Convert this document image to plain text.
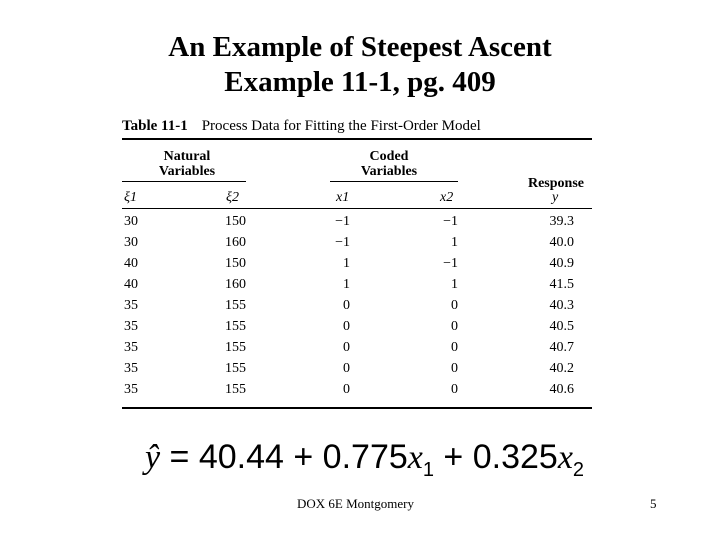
An Example of Steepest Ascent
Example 11-1, pg. 409
Table 11-1 Process Data for Fitting the First-Order Model
Natural
Variables
Coded
Variables
Response
ξ1	ξ2	x1	x2	y
30	150	−1	−1	39.3
30	160	−1	1	40.0
40	150	1	−1	40.9
40	160	1	1	41.5
35	155	0	0	40.3
35	155	0	0	40.5
35	155	0	0	40.7
35	155	0	0	40.2
35	155	0	0	40.6
ŷ = $40.44 + 0.775x_1 + 0.325x_2$
DOX 6E Montgomery	5
